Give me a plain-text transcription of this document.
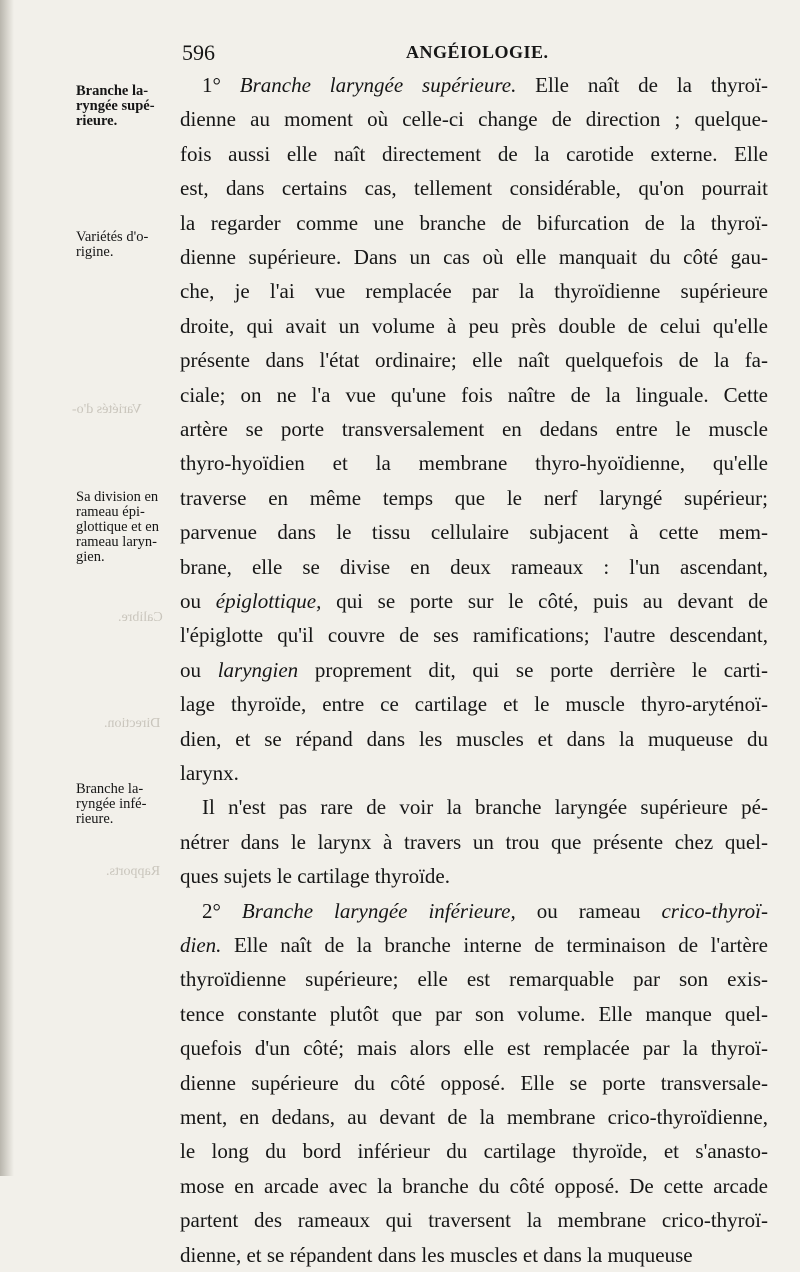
Calibre.
Direction.
Rapports.
Variétés d'o-
596	ANGÉIOLOGIE.
Branche la-
ryngée supé-
rieure.
Variétés d'o-
rigine.
Sa division en
rameau épi-
glottique et en
rameau laryn-
gien.
Branche la-
ryngée infé-
rieure.
1° Branche laryngée supérieure. Elle naît de la thyroï-
dienne au moment où celle-ci change de direction ; quelque-
fois aussi elle naît directement de la carotide externe. Elle
est, dans certains cas, tellement considérable, qu'on pourrait
la regarder comme une branche de bifurcation de la thyroï-
dienne supérieure. Dans un cas où elle manquait du côté gau-
che, je l'ai vue remplacée par la thyroïdienne supérieure
droite, qui avait un volume à peu près double de celui qu'elle
présente dans l'état ordinaire; elle naît quelquefois de la fa-
ciale; on ne l'a vue qu'une fois naître de la linguale. Cette
artère se porte transversalement en dedans entre le muscle
thyro-hyoïdien et la membrane thyro-hyoïdienne, qu'elle
traverse en même temps que le nerf laryngé supérieur;
parvenue dans le tissu cellulaire subjacent à cette mem-
brane, elle se divise en deux rameaux : l'un ascendant,
ou épiglottique, qui se porte sur le côté, puis au devant de
l'épiglotte qu'il couvre de ses ramifications; l'autre descendant,
ou laryngien proprement dit, qui se porte derrière le carti-
lage thyroïde, entre ce cartilage et le muscle thyro-aryténoï-
dien, et se répand dans les muscles et dans la muqueuse du
larynx.
Il n'est pas rare de voir la branche laryngée supérieure pé-
nétrer dans le larynx à travers un trou que présente chez quel-
ques sujets le cartilage thyroïde.
2° Branche laryngée inférieure, ou rameau crico-thyroï-
dien. Elle naît de la branche interne de terminaison de l'artère
thyroïdienne supérieure; elle est remarquable par son exis-
tence constante plutôt que par son volume. Elle manque quel-
quefois d'un côté; mais alors elle est remplacée par la thyroï-
dienne supérieure du côté opposé. Elle se porte transversale-
ment, en dedans, au devant de la membrane crico-thyroïdienne,
le long du bord inférieur du cartilage thyroïde, et s'anasto-
mose en arcade avec la branche du côté opposé. De cette arcade
partent des rameaux qui traversent la membrane crico-thyroï-
dienne, et se répandent dans les muscles et dans la muqueuse
